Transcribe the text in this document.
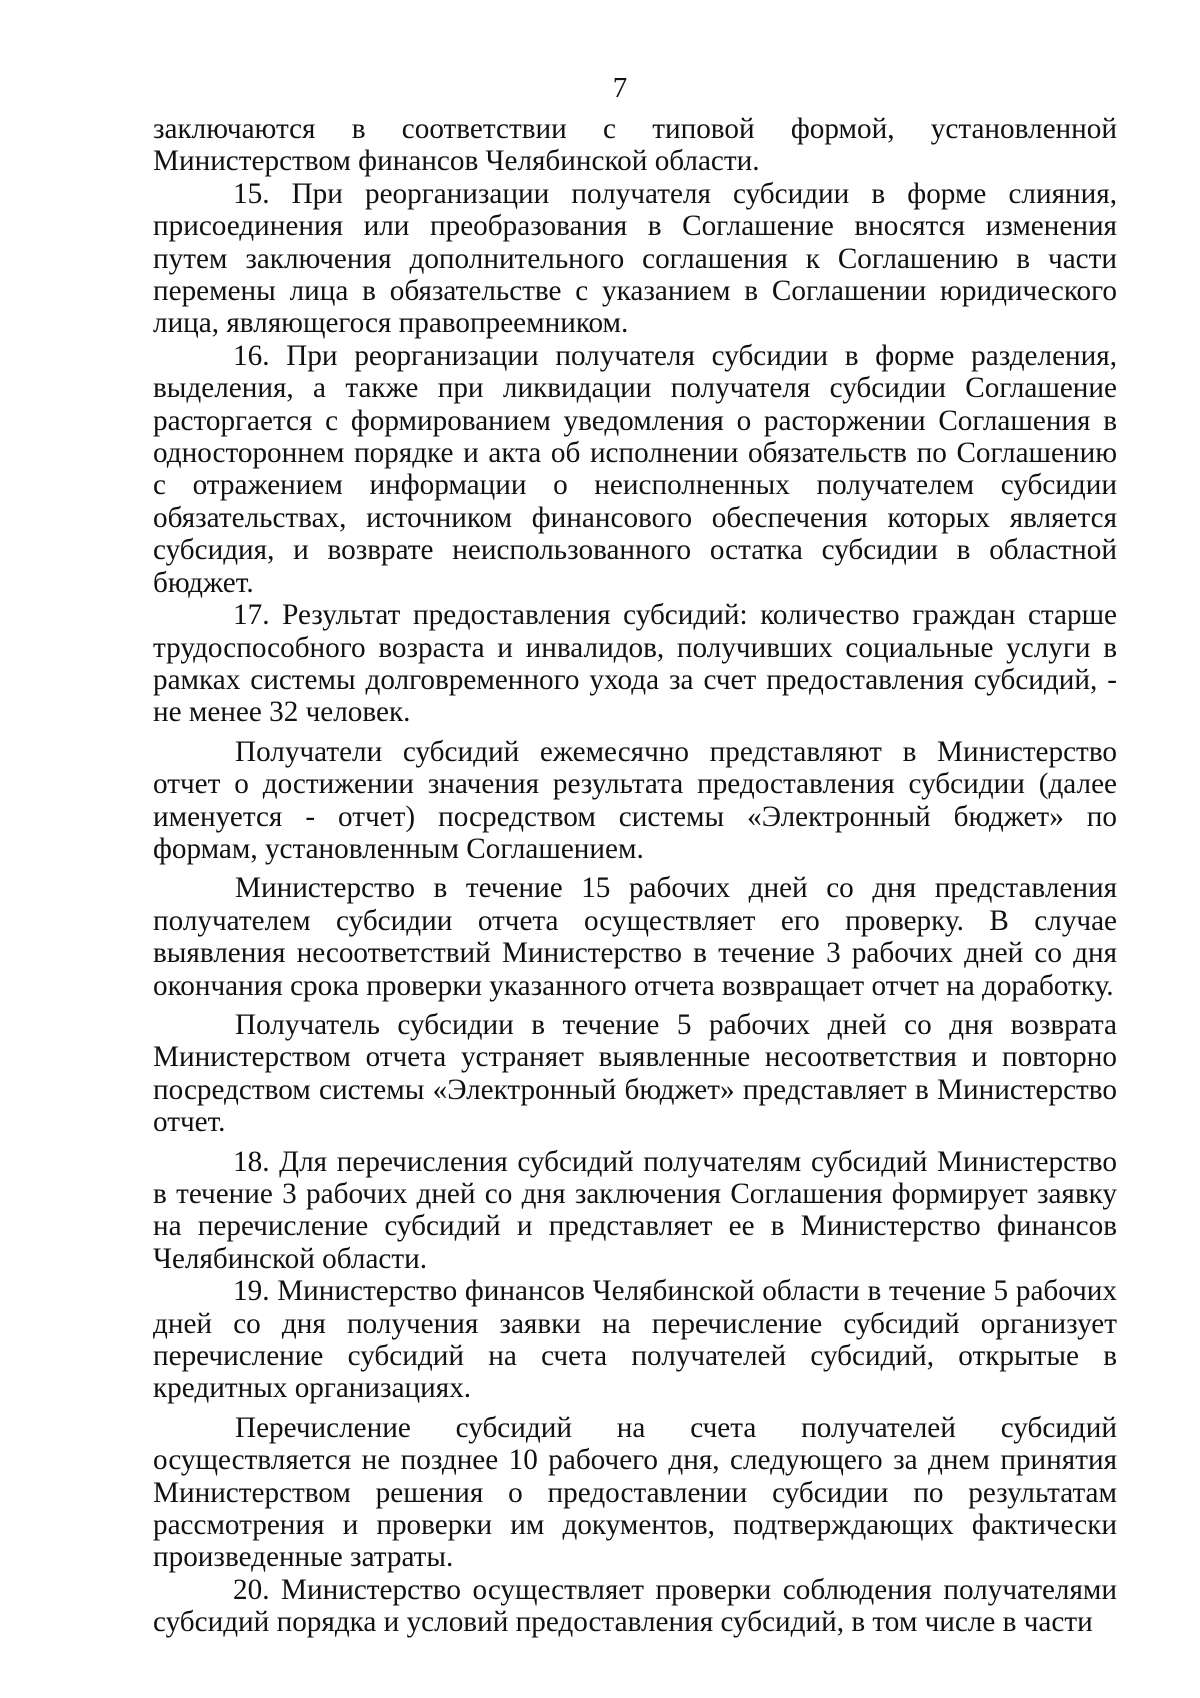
7

заключаются в соответствии с типовой формой, установленной Министерством финансов Челябинской области.

15. При реорганизации получателя субсидии в форме слияния, присоединения или преобразования в Соглашение вносятся изменения путем заключения дополнительного соглашения к Соглашению в части перемены лица в обязательстве с указанием в Соглашении юридического лица, являющегося правопреемником.

16. При реорганизации получателя субсидии в форме разделения, выделения, а также при ликвидации получателя субсидии Соглашение расторгается с формированием уведомления о расторжении Соглашения в одностороннем порядке и акта об исполнении обязательств по Соглашению с отражением информации о неисполненных получателем субсидии обязательствах, источником финансового обеспечения которых является субсидия, и возврате неиспользованного остатка субсидии в областной бюджет.

17. Результат предоставления субсидий: количество граждан старше трудоспособного возраста и инвалидов, получивших социальные услуги в рамках системы долговременного ухода за счет предоставления субсидий, - не менее 32 человек.

Получатели субсидий ежемесячно представляют в Министерство отчет о достижении значения результата предоставления субсидии (далее именуется - отчет) посредством системы «Электронный бюджет» по формам, установленным Соглашением.

Министерство в течение 15 рабочих дней со дня представления получателем субсидии отчета осуществляет его проверку. В случае выявления несоответствий Министерство в течение 3 рабочих дней со дня окончания срока проверки указанного отчета возвращает отчет на доработку.

Получатель субсидии в течение 5 рабочих дней со дня возврата Министерством отчета устраняет выявленные несоответствия и повторно посредством системы «Электронный бюджет» представляет в Министерство отчет.

18. Для перечисления субсидий получателям субсидий Министерство в течение 3 рабочих дней со дня заключения Соглашения формирует заявку на перечисление субсидий и представляет ее в Министерство финансов Челябинской области.

19. Министерство финансов Челябинской области в течение 5 рабочих дней со дня получения заявки на перечисление субсидий организует перечисление субсидий на счета получателей субсидий, открытые в кредитных организациях.

Перечисление субсидий на счета получателей субсидий осуществляется не позднее 10 рабочего дня, следующего за днем принятия Министерством решения о предоставлении субсидии по результатам рассмотрения и проверки им документов, подтверждающих фактически произведенные затраты.

20. Министерство осуществляет проверки соблюдения получателями субсидий порядка и условий предоставления субсидий, в том числе в части
